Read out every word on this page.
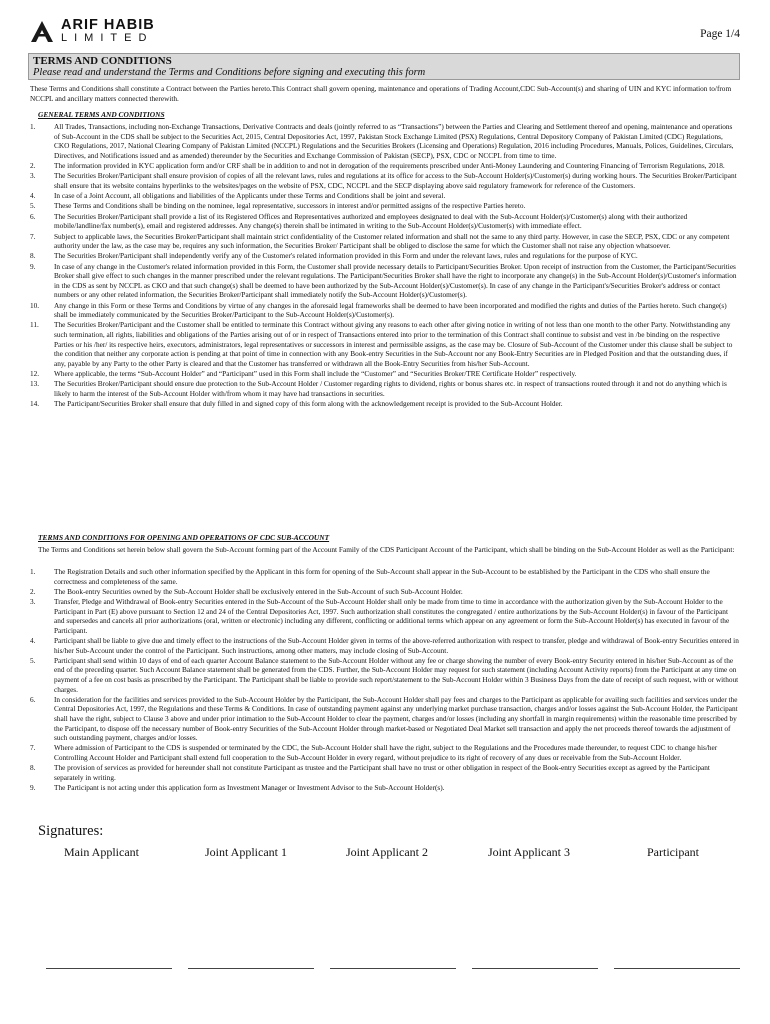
ARIF HABIB
LIMITED	Page 1/4
TERMS AND CONDITIONS
Please read and understand the Terms and Conditions before signing and executing this form
These Terms and Conditions shall constitute a Contract between the Parties hereto.This Contract shall govern opening, maintenance and operations of Trading Account,CDC Sub-Account(s) and sharing of UIN and KYC information to/from NCCPL and ancillary matters connected therewith.
GENERAL TERMS AND CONDITIONS
1.	All Trades, Transactions, including non-Exchange Transactions, Derivative Contracts and deals (jointly referred to as “Transactions”) between the Parties and Clearing and Settlement thereof and opening, maintenance and operations of Sub-Account in the CDS shall be subject to the Securities Act, 2015, Central Depositories Act, 1997, Pakistan Stock Exchange Limited (PSX) Regulations, Central Depository Company of Pakistan Limited (CDC) Regulations, CKO Regulations, 2017, National Clearing Company of Pakistan Limited (NCCPL) Regulations and the Securities Brokers (Licensing and Operations) Regulation, 2016 including Procedures, Manuals, Polices, Guidelines, Circulars, Directives, and Notifications issued and as amended) thereunder by the Securities and Exchange Commission of Pakistan (SECP), PSX, CDC or NCCPL from time to time.
2.	The information provided in KYC application form and/or CRF shall be in addition to and not in derogation of the requirements prescribed under Anti-Money Laundering and Countering Financing of Terrorism Regulations, 2018.
3.	The Securities Broker/Participant shall ensure provision of copies of all the relevant laws, rules and regulations at its office for access to the Sub-Account Holder(s)/Customer(s) during working hours. The Securities Broker/Participant shall ensure that its website contains hyperlinks to the websites/pages on the website of PSX, CDC, NCCPL and the SECP displaying above said regulatory framework for reference of the Customers.
4.	In case of a Joint Account, all obligations and liabilities of the Applicants under these Terms and Conditions shall be joint and several.
5.	These Terms and Conditions shall be binding on the nominee, legal representative, successors in interest and/or permitted assigns of the respective Parties hereto.
6.	The Securities Broker/Participant shall provide a list of its Registered Offices and Representatives authorized and employees designated to deal with the Sub-Account Holder(s)/Customer(s) along with their authorized mobile/landline/fax number(s), email and registered addresses. Any change(s) therein shall be intimated in writing to the Sub-Account Holder(s)/Customer(s) with immediate effect.
7.	Subject to applicable laws, the Securities Broker/Participant shall maintain strict confidentiality of the Customer related information and shall not the same to any third party. However, in case the SECP, PSX, CDC or any competent authority under the law, as the case may be, requires any such information, the Securities Broker/ Participant shall be obliged to disclose the same for which the Customer shall not raise any objection whatsoever.
8.	The Securities Broker/Participant shall independently verify any of the Customer's related information provided in this Form and under the relevant laws, rules and regulations for the purpose of KYC.
9.	In case of any change in the Customer's related information provided in this Form, the Customer shall provide necessary details to Participant/Securities Broker. Upon receipt of instruction from the Customer, the Participant/Securities Broker shall give effect to such changes in the manner prescribed under the relevant regulations. The Participant/Securities Broker shall have the right to incorporate any change(s) in the Sub-Account Holder(s)/Customer's information in the CDS as sent by NCCPL as CKO and that such change(s) shall be deemed to have been authorized by the Sub-Account Holder(s)/Customer(s). In case of any change in the Participant's/Securities Broker's address or contact numbers or any other related information, the Securities Broker/Participant shall immediately notify the Sub-Account Holder(s)/Customer(s).
10.	Any change in this Form or these Terms and Conditions by virtue of any changes in the aforesaid legal frameworks shall be deemed to have been incorporated and modified the rights and duties of the Parties hereto. Such change(s) shall be immediately communicated by the Securities Broker/Participant to the Sub-Account Holder(s)/Customer(s).
11.	The Securities Broker/Participant and the Customer shall be entitled to terminate this Contract without giving any reasons to each other after giving notice in writing of not less than one month to the other Party. Notwithstanding any such termination, all rights, liabilities and obligations of the Parties arising out of or in respect of Transactions entered into prior to the termination of this Contract shall continue to subsist and vest in /be binding on the respective Parties or his /her/ its respective heirs, executors, administrators, legal representatives or successors in interest and permissible assigns, as the case may be. Closure of Sub-Account of the Customer under this clause shall be subject to the condition that neither any corporate action is pending at that point of time in connection with any Book-entry Securities in the Sub-Account nor any Book-Entry Securities are in Pledged Position and that the outstanding dues, if any, payable by any Party to the other Party is cleared and that the Customer has transferred or withdrawn all the Book-Entry Securities from his/her Sub-Account.
12.	Where applicable, the terms “Sub-Account Holder” and “Participant” used in this Form shall include the “Customer” and “Securities Broker/TRE Certificate Holder” respectively.
13.	The Securities Broker/Participant should ensure due protection to the Sub-Account Holder / Customer regarding rights to dividend, rights or bonus shares etc. in respect of transactions routed through it and not do anything which is likely to harm the interest of the Sub-Account Holder with/from whom it may have had transactions in securities.
14.	The Participant/Securities Broker shall ensure that duly filled in and signed copy of this form along with the acknowledgement receipt is provided to the Sub-Account Holder.
TERMS AND CONDITIONS FOR OPENING AND OPERATIONS OF CDC SUB-ACCOUNT
The Terms and Conditions set herein below shall govern the Sub-Account forming part of the Account Family of the CDS Participant Account of the Participant, which shall be binding on the Sub-Account Holder as well as the Participant:
1.	The Registration Details and such other information specified by the Applicant in this form for opening of the Sub-Account shall appear in the Sub-Account to be established by the Participant in the CDS who shall ensure the correctness and completeness of the same.
2.	The Book-entry Securities owned by the Sub-Account Holder shall be exclusively entered in the Sub-Account of such Sub-Account Holder.
3.	Transfer, Pledge and Withdrawal of Book-entry Securities entered in the Sub-Account of the Sub-Account Holder shall only be made from time to time in accordance with the authorization given by the Sub-Account Holder to the Participant in Part (E) above pursuant to Section 12 and 24 of the Central Depositories Act, 1997. Such authorization shall constitutes the congregated / entire authorizations by the Sub-Account Holder(s) in favour of the Participant and supersedes and cancels all prior authorizations (oral, written or electronic) including any different, conflicting or additional terms which appear on any agreement or form the Sub-Account Holder(s) has executed in favour of the Participant.
4.	Participant shall be liable to give due and timely effect to the instructions of the Sub-Account Holder given in terms of the above-referred authorization with respect to transfer, pledge and withdrawal of Book-entry Securities entered in his/her Sub-Account under the control of the Participant. Such instructions, among other matters, may include closing of Sub-Account.
5.	Participant shall send within 10 days of end of each quarter Account Balance statement to the Sub-Account Holder without any fee or charge showing the number of every Book-entry Security entered in his/her Sub-Account as of the end of the preceding quarter. Such Account Balance statement shall be generated from the CDS. Further, the Sub-Account Holder may request for such statement (including Account Activity reports) from the Participant at any time on payment of a fee on cost basis as prescribed by the Participant. The Participant shall be liable to provide such report/statement to the Sub-Account Holder within 3 Business Days from the date of receipt of such request, with or without charges.
6.	In consideration for the facilities and services provided to the Sub-Account Holder by the Participant, the Sub-Account Holder shall pay fees and charges to the Participant as applicable for availing such facilities and services under the Central Depositories Act, 1997, the Regulations and these Terms & Conditions. In case of outstanding payment against any underlying market purchase transaction, charges and/or losses against the Sub-Account Holder, the Participant shall have the right, subject to Clause 3 above and under prior intimation to the Sub-Account Holder to clear the payment, charges and/or losses (including any shortfall in margin requirements) within the reasonable time prescribed by the Participant, to dispose off the necessary number of Book-entry Securities of the Sub-Account Holder through market-based or Negotiated Deal Market sell transaction and apply the net proceeds thereof towards the adjustment of such outstanding payment, charges and/or losses.
7.	Where admission of Participant to the CDS is suspended or terminated by the CDC, the Sub-Account Holder shall have the right, subject to the Regulations and the Procedures made thereunder, to request CDC to change his/her Controlling Account Holder and Participant shall extend full cooperation to the Sub-Account Holder in every regard, without prejudice to its right of recovery of any dues or receivable from the Sub-Account Holder.
8.	The provision of services as provided for hereunder shall not constitute Participant as trustee and the Participant shall have no trust or other obligation in respect of the Book-entry Securities except as agreed by the Participant separately in writing.
9.	The Participant is not acting under this application form as Investment Manager or Investment Advisor to the Sub-Account Holder(s).
Signatures:
Main Applicant	Joint Applicant 1	Joint Applicant 2	Joint Applicant 3	Participant
